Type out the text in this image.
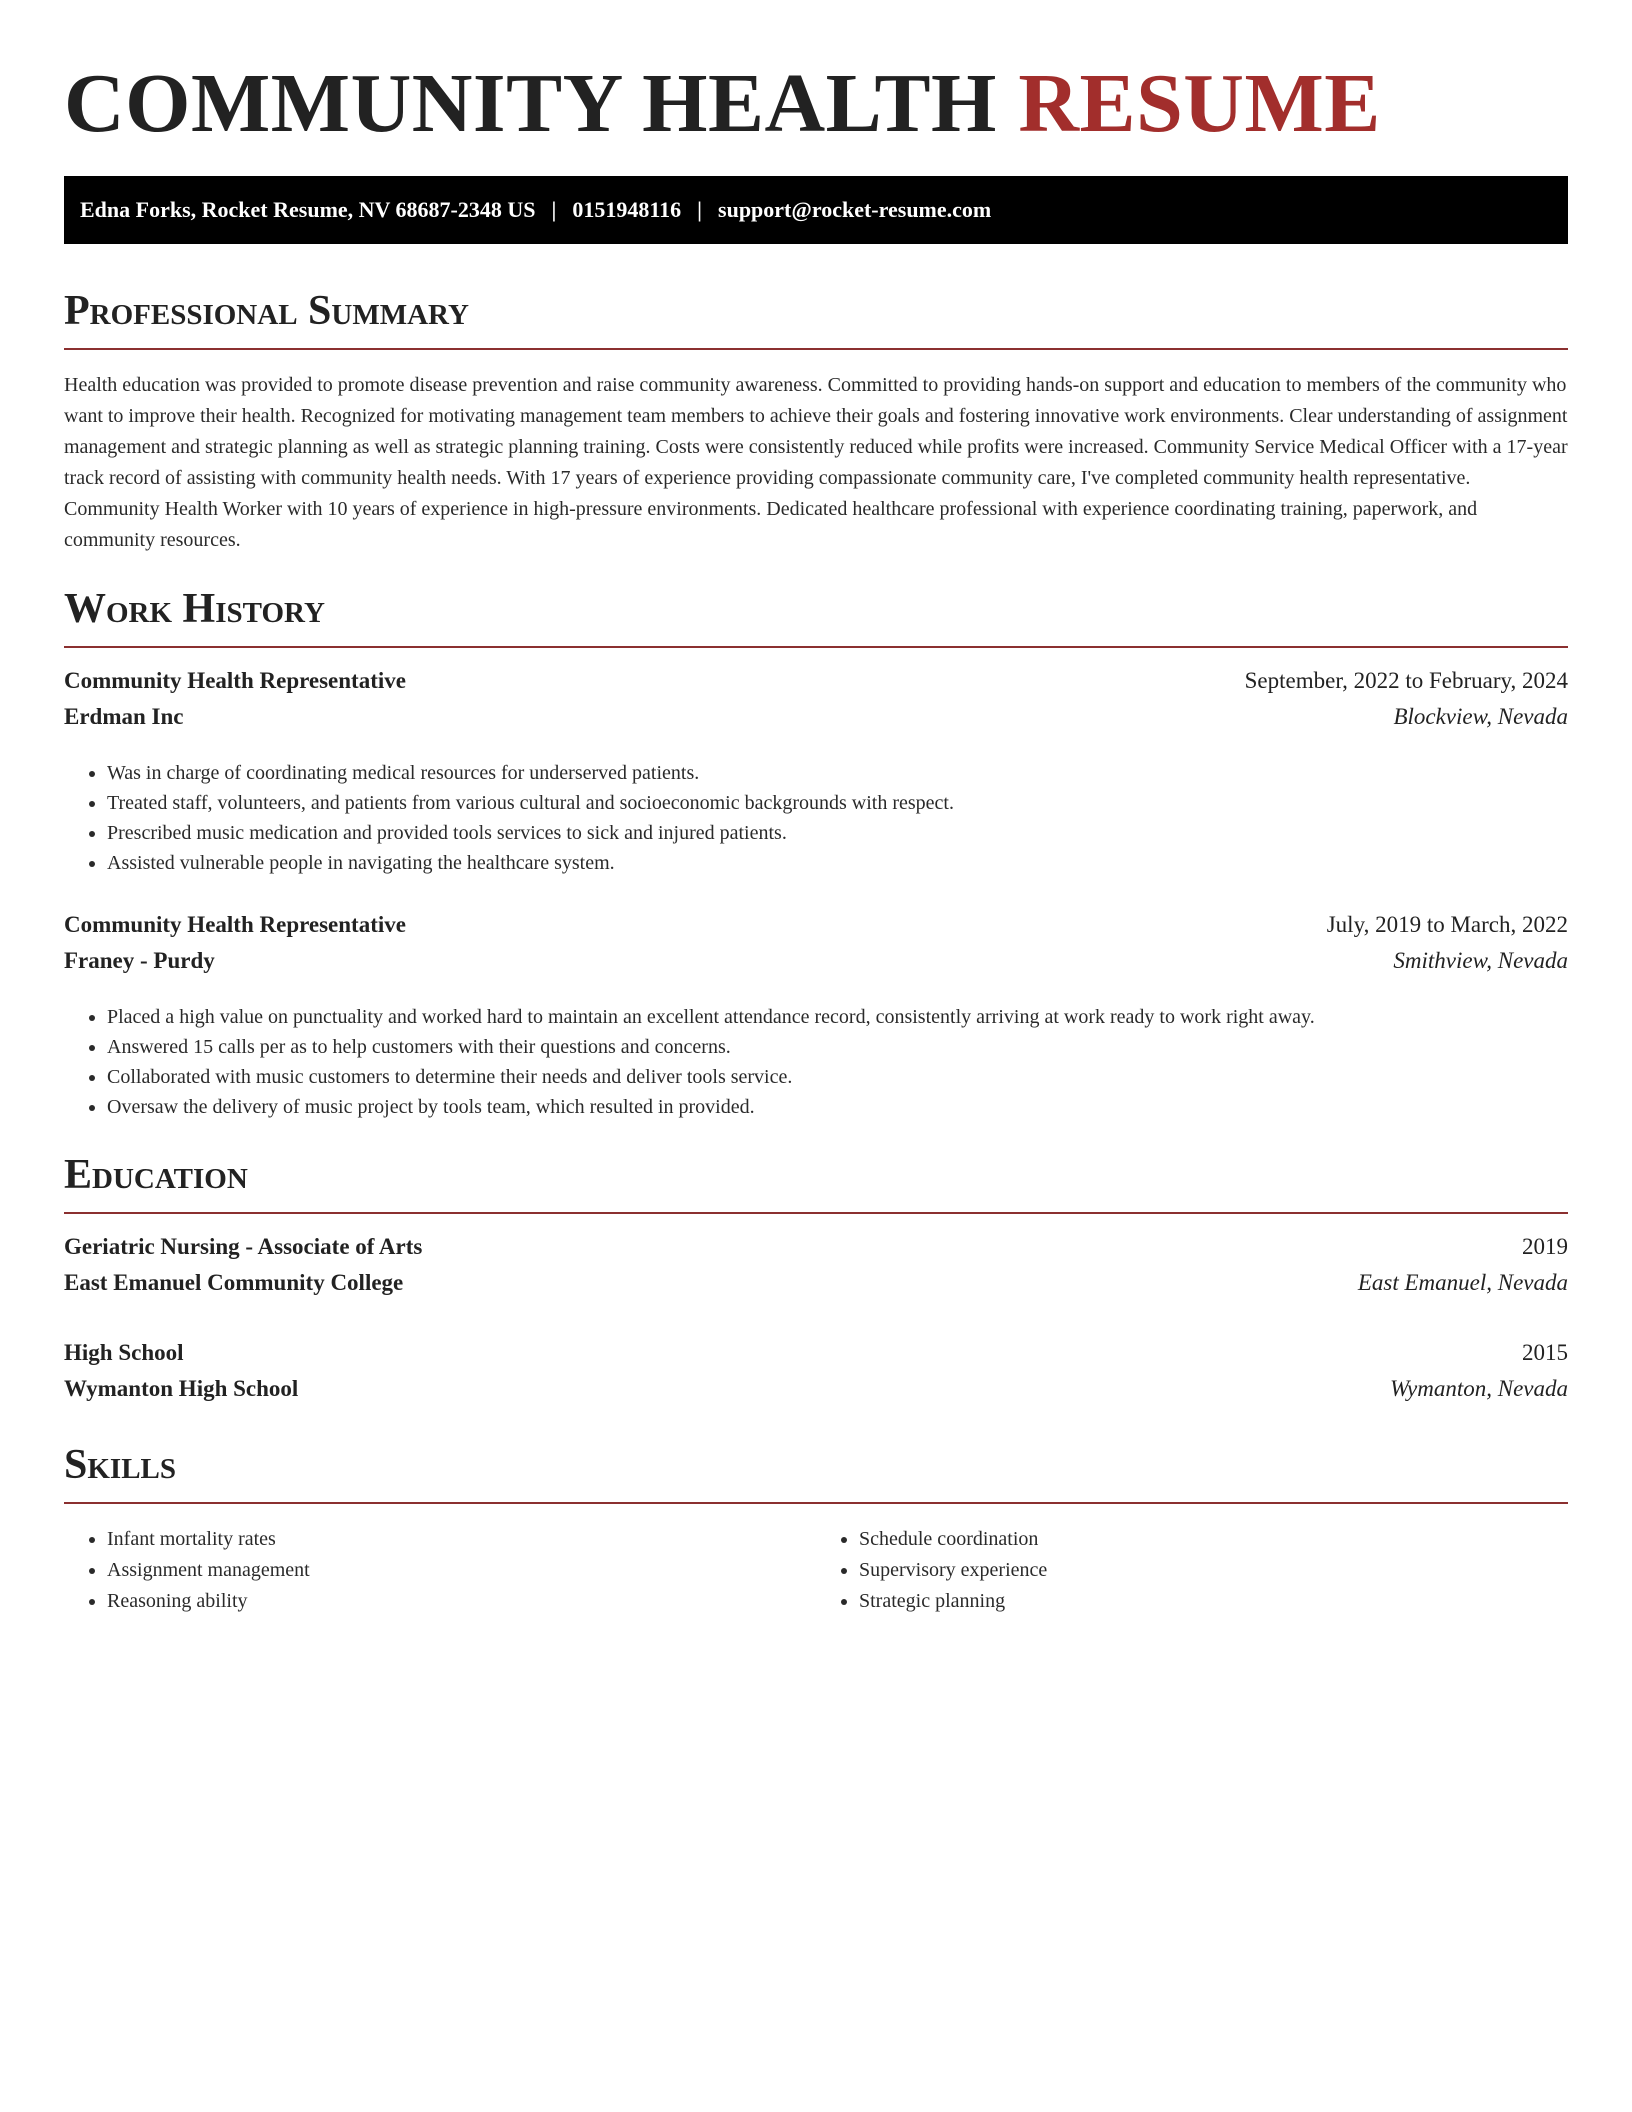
COMMUNITY HEALTH RESUME
Edna Forks, Rocket Resume, NV 68687-2348 US | 0151948116 | support@rocket-resume.com
Professional Summary

Health education was provided to promote disease prevention and raise community awareness. Committed to providing hands-on support and education to members of the community who want to improve their health. Recognized for motivating management team members to achieve their goals and fostering innovative work environments. Clear understanding of assignment management and strategic planning as well as strategic planning training. Costs were consistently reduced while profits were increased. Community Service Medical Officer with a 17-year track record of assisting with community health needs. With 17 years of experience providing compassionate community care, I've completed community health representative. Community Health Worker with 10 years of experience in high-pressure environments. Dedicated healthcare professional with experience coordinating training, paperwork, and community resources.

Work History
Community Health Representative	September, 2022 to February, 2024
Erdman Inc	Blockview, Nevada
• Was in charge of coordinating medical resources for underserved patients.
• Treated staff, volunteers, and patients from various cultural and socioeconomic backgrounds with respect.
• Prescribed music medication and provided tools services to sick and injured patients.
• Assisted vulnerable people in navigating the healthcare system.
Community Health Representative	July, 2019 to March, 2022
Franey - Purdy	Smithview, Nevada
• Placed a high value on punctuality and worked hard to maintain an excellent attendance record, consistently arriving at work ready to work right away.
• Answered 15 calls per as to help customers with their questions and concerns.
• Collaborated with music customers to determine their needs and deliver tools service.
• Oversaw the delivery of music project by tools team, which resulted in provided.
Education
Geriatric Nursing - Associate of Arts	2019
East Emanuel Community College	East Emanuel, Nevada
High School	2015
Wymanton High School	Wymanton, Nevada
Skills
• Infant mortality rates
• Assignment management
• Reasoning ability
• Schedule coordination
• Supervisory experience
• Strategic planning
